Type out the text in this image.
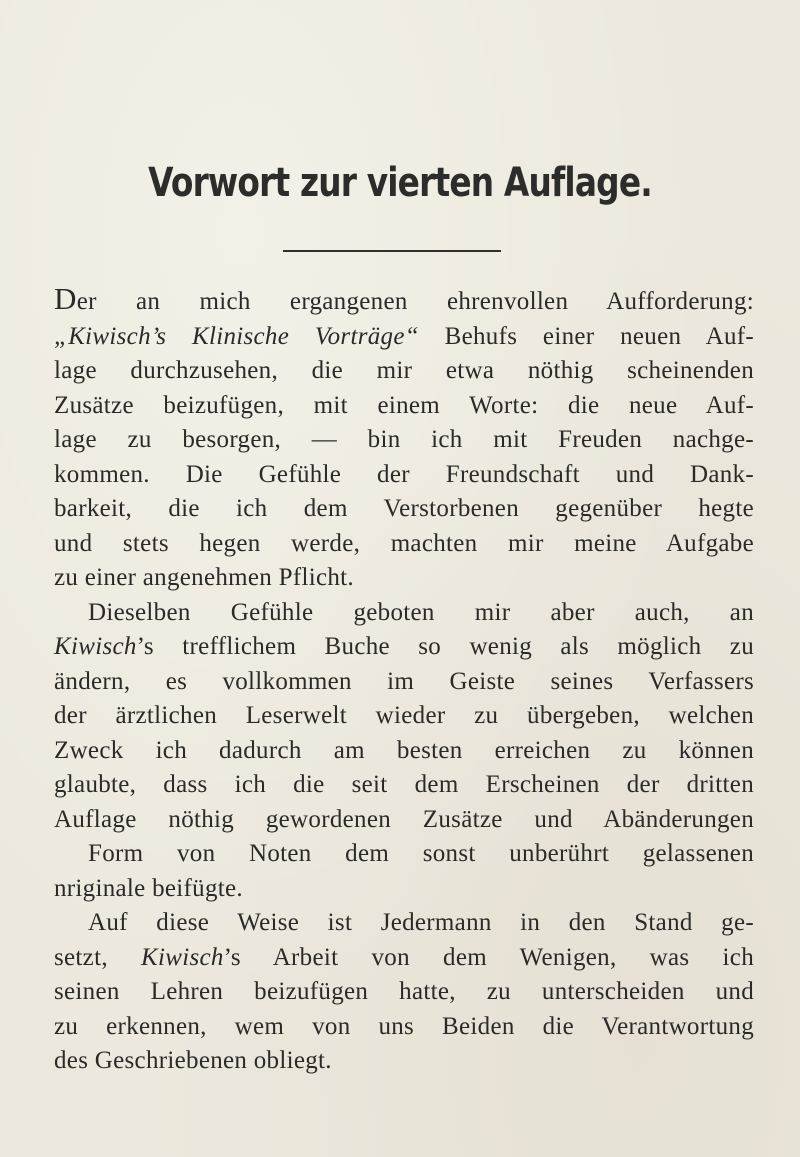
Vorwort zur vierten Auflage.

Der an mich ergangenen ehrenvollen Aufforderung:
„Kiwisch’s Klinische Vorträge“ Behufs einer neuen Auf-
lage durchzusehen, die mir etwa nöthig scheinenden
Zusätze beizufügen, mit einem Worte: die neue Auf-
lage zu besorgen, — bin ich mit Freuden nachge-
kommen. Die Gefühle der Freundschaft und Dank-
barkeit, die ich dem Verstorbenen gegenüber hegte
und stets hegen werde, machten mir meine Aufgabe
zu einer angenehmen Pflicht.

Dieselben Gefühle geboten mir aber auch, an
Kiwisch’s trefflichem Buche so wenig als möglich zu
ändern, es vollkommen im Geiste seines Verfassers
der ärztlichen Leserwelt wieder zu übergeben, welchen
Zweck ich dadurch am besten erreichen zu können
glaubte, dass ich die seit dem Erscheinen der dritten
Auflage nöthig gewordenen Zusätze und Abänderungen
Form von Noten dem sonst unberührt gelassenen
nriginale beifügte.

Auf diese Weise ist Jedermann in den Stand ge-
setzt, Kiwisch’s Arbeit von dem Wenigen, was ich
seinen Lehren beizufügen hatte, zu unterscheiden und
zu erkennen, wem von uns Beiden die Verantwortung
des Geschriebenen obliegt.
